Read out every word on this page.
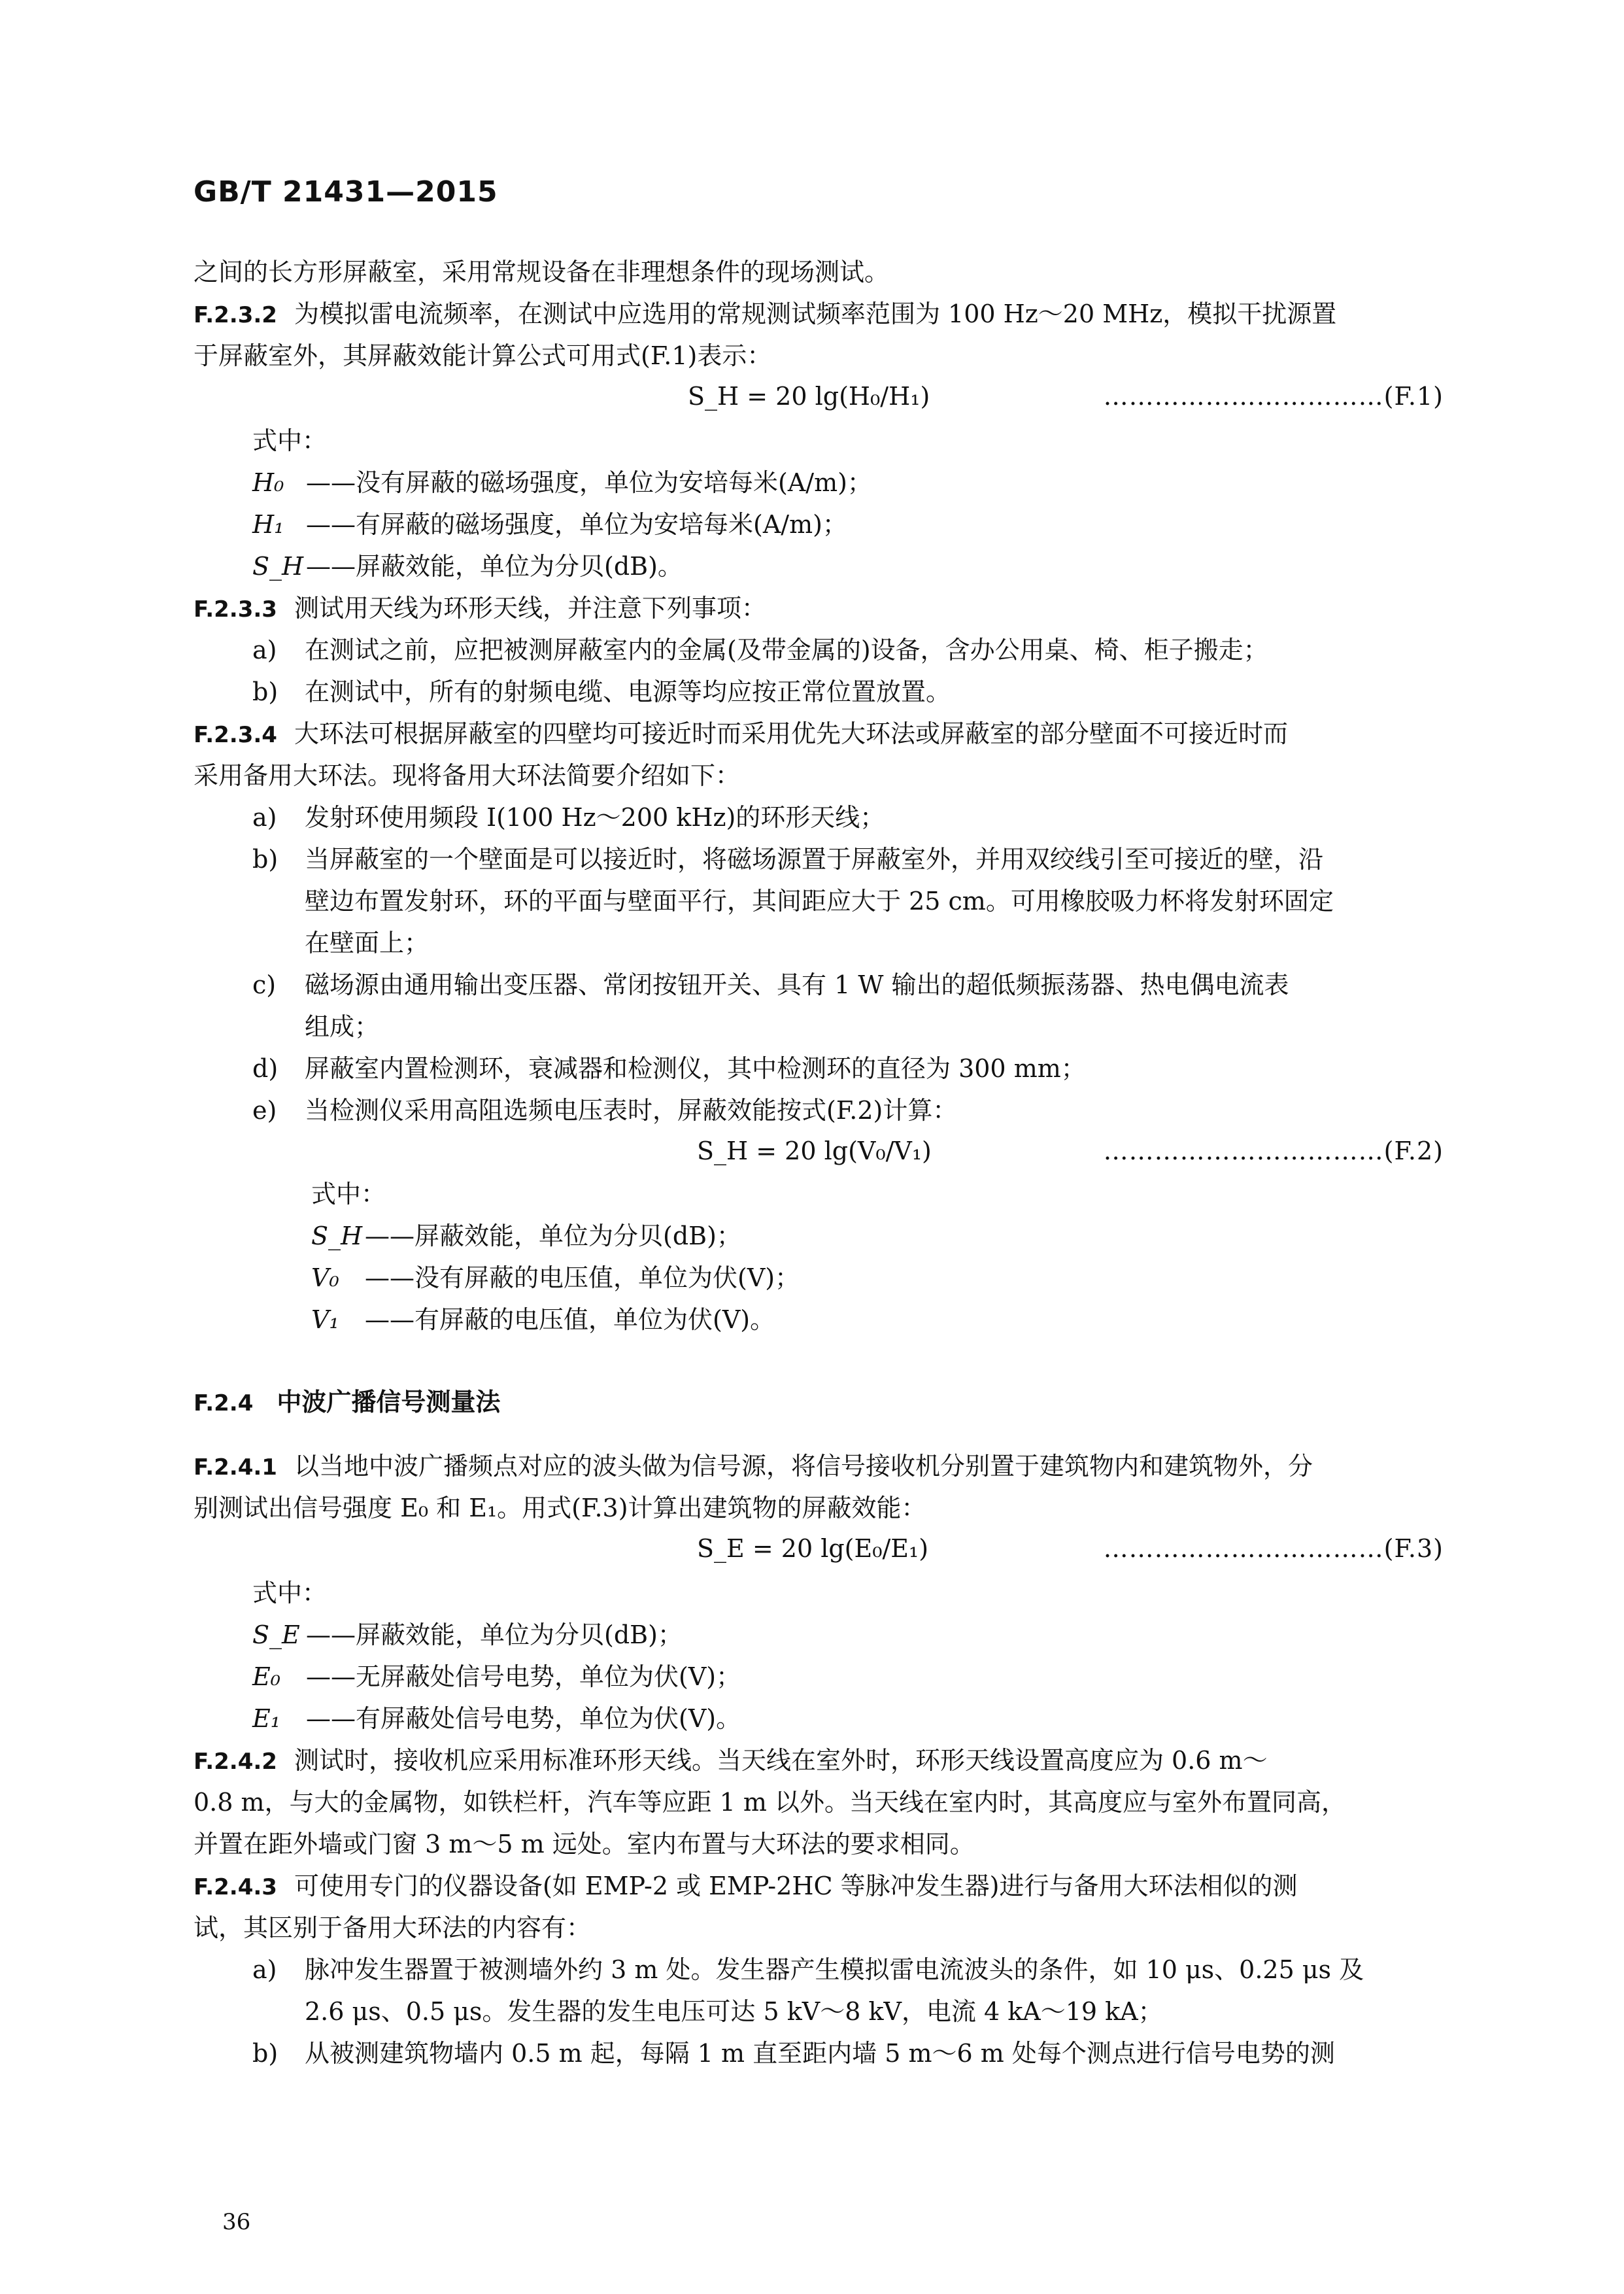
GB/T 21431—2015
之间的长方形屏蔽室，采用常规设备在非理想条件的现场测试。
F.2.3.2 为模拟雷电流频率，在测试中应选用的常规测试频率范围为 100 Hz～20 MHz，模拟干扰源置
于屏蔽室外，其屏蔽效能计算公式可用式(F.1)表示：
S_H = 20 lg(H₀/H₁)	……………………………(F.1)
式中：
H₀ ——没有屏蔽的磁场强度，单位为安培每米(A/m)；
H₁ ——有屏蔽的磁场强度，单位为安培每米(A/m)；
S_H ——屏蔽效能，单位为分贝(dB)。
F.2.3.3 测试用天线为环形天线，并注意下列事项：
a) 在测试之前，应把被测屏蔽室内的金属(及带金属的)设备，含办公用桌、椅、柜子搬走；
b) 在测试中，所有的射频电缆、电源等均应按正常位置放置。
F.2.3.4 大环法可根据屏蔽室的四壁均可接近时而采用优先大环法或屏蔽室的部分壁面不可接近时而
采用备用大环法。现将备用大环法简要介绍如下：
a) 发射环使用频段 I(100 Hz～200 kHz)的环形天线；
b) 当屏蔽室的一个壁面是可以接近时，将磁场源置于屏蔽室外，并用双绞线引至可接近的壁，沿
壁边布置发射环，环的平面与壁面平行，其间距应大于 25 cm。可用橡胶吸力杯将发射环固定
在壁面上；
c) 磁场源由通用输出变压器、常闭按钮开关、具有 1 W 输出的超低频振荡器、热电偶电流表
组成；
d) 屏蔽室内置检测环，衰减器和检测仪，其中检测环的直径为 300 mm；
e) 当检测仪采用高阻选频电压表时，屏蔽效能按式(F.2)计算：
S_H = 20 lg(V₀/V₁)	……………………………(F.2)
式中：
S_H ——屏蔽效能，单位为分贝(dB)；
V₀ ——没有屏蔽的电压值，单位为伏(V)；
V₁ ——有屏蔽的电压值，单位为伏(V)。
F.2.4 中波广播信号测量法
F.2.4.1 以当地中波广播频点对应的波头做为信号源，将信号接收机分别置于建筑物内和建筑物外，分
别测试出信号强度 E₀ 和 E₁。用式(F.3)计算出建筑物的屏蔽效能：
S_E = 20 lg(E₀/E₁)	……………………………(F.3)
式中：
S_E ——屏蔽效能，单位为分贝(dB)；
E₀ ——无屏蔽处信号电势，单位为伏(V)；
E₁ ——有屏蔽处信号电势，单位为伏(V)。
F.2.4.2 测试时，接收机应采用标准环形天线。当天线在室外时，环形天线设置高度应为 0.6 m～
0.8 m，与大的金属物，如铁栏杆，汽车等应距 1 m 以外。当天线在室内时，其高度应与室外布置同高，
并置在距外墙或门窗 3 m～5 m 远处。室内布置与大环法的要求相同。
F.2.4.3 可使用专门的仪器设备(如 EMP-2 或 EMP-2HC 等脉冲发生器)进行与备用大环法相似的测
试，其区别于备用大环法的内容有：
a) 脉冲发生器置于被测墙外约 3 m 处。发生器产生模拟雷电流波头的条件，如 10 μs、0.25 μs 及
2.6 μs、0.5 μs。发生器的发生电压可达 5 kV～8 kV，电流 4 kA～19 kA；
b) 从被测建筑物墙内 0.5 m 起，每隔 1 m 直至距内墙 5 m～6 m 处每个测点进行信号电势的测
36
